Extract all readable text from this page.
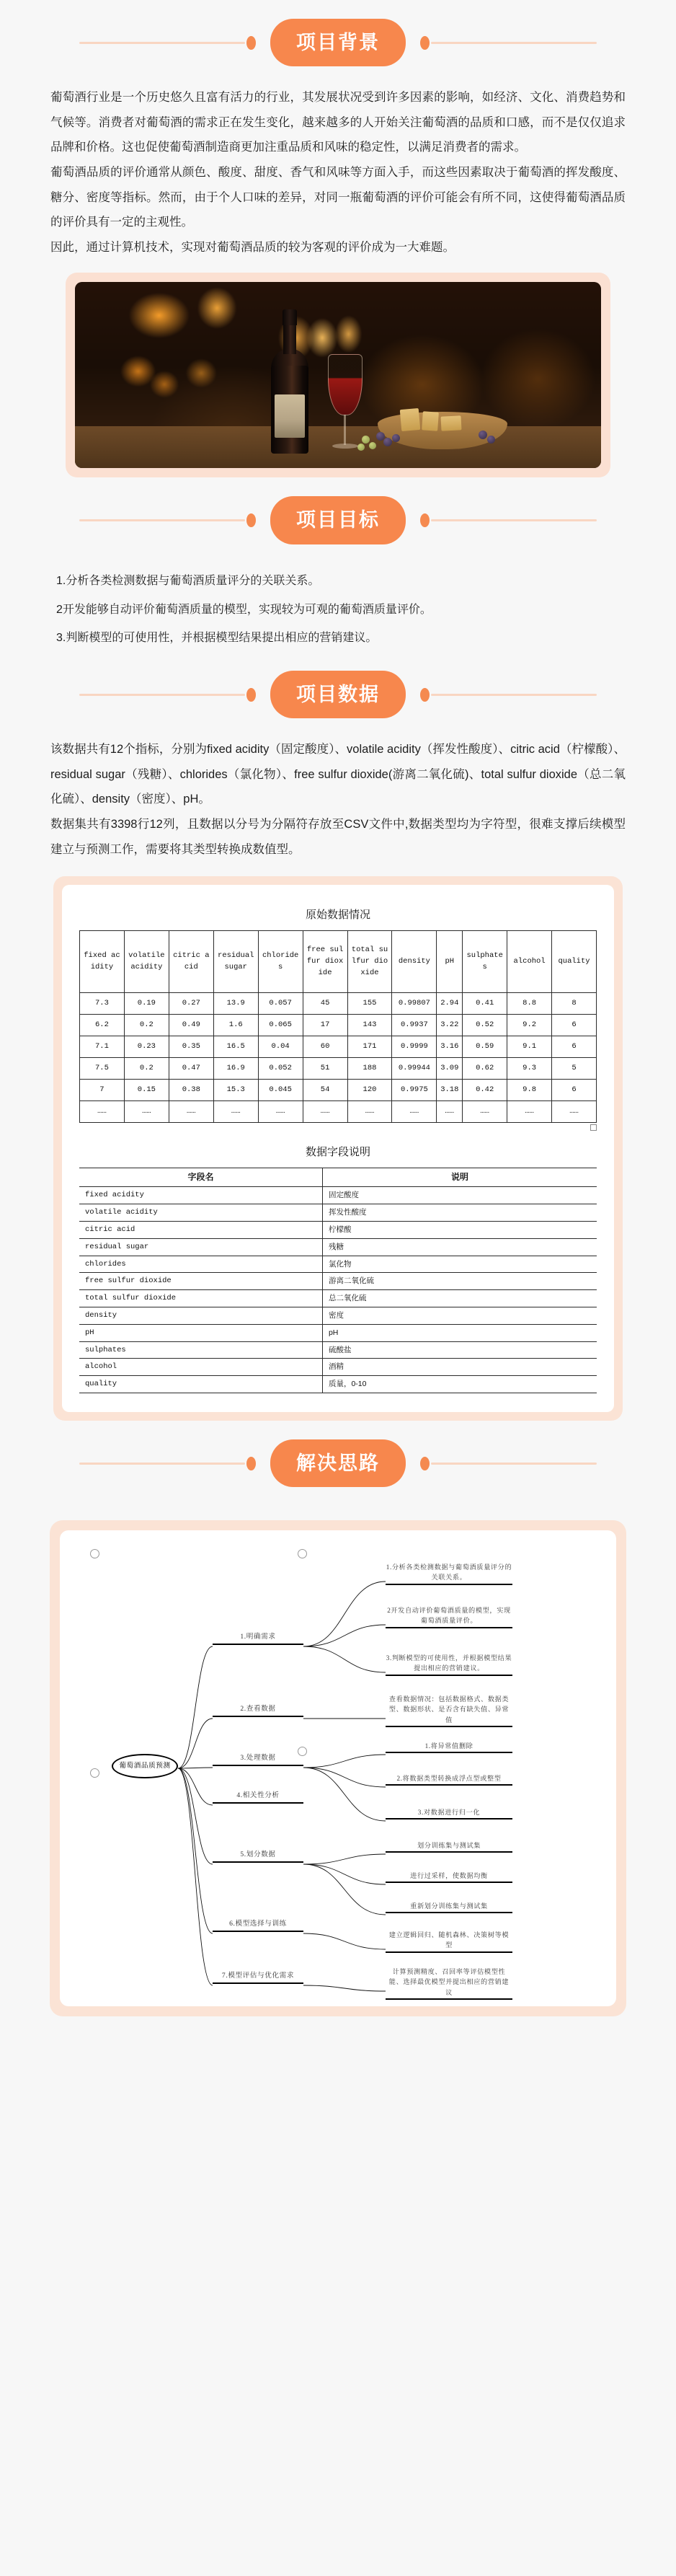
项目背景

葡萄酒行业是一个历史悠久且富有活力的行业，其发展状况受到许多因素的影响，如经济、文化、消费趋势和气候等。消费者对葡萄酒的需求正在发生变化，越来越多的人开始关注葡萄酒的品质和口感，而不是仅仅追求品牌和价格。这也促使葡萄酒制造商更加注重品质和风味的稳定性，以满足消费者的需求。

葡萄酒品质的评价通常从颜色、酸度、甜度、香气和风味等方面入手，而这些因素取决于葡萄酒的挥发酸度、糖分、密度等指标。然而，由于个人口味的差异，对同一瓶葡萄酒的评价可能会有所不同，这使得葡萄酒品质的评价具有一定的主观性。

因此，通过计算机技术，实现对葡萄酒品质的较为客观的评价成为一大难题。

项目目标

1.分析各类检测数据与葡萄酒质量评分的关联关系。

2开发能够自动评价葡萄酒质量的模型，实现较为可观的葡萄酒质量评价。

3.判断模型的可使用性，并根据模型结果提出相应的营销建议。

项目数据

该数据共有12个指标，分别为fixed acidity（固定酸度）、volatile acidity（挥发性酸度）、citric acid（柠檬酸）、residual sugar（残糖）、chlorides（氯化物）、free sulfur dioxide(游离二氧化硫)、total sulfur dioxide（总二氧化硫）、density（密度）、pH。

数据集共有3398行12列，且数据以分号为分隔符存放至CSV文件中,数据类型均为字符型，很难支撑后续模型建立与预测工作，需要将其类型转换成数值型。

原始数据情况
fixed acidity	volatile acidity	citric acid	residual sugar	chlorides	free sulfur dioxide	total sulfur dioxide	density	pH	sulphates	alcohol	quality
7.3	0.19	0.27	13.9	0.057	45	155	0.99807	2.94	0.41	8.8	8
6.2	0.2	0.49	1.6	0.065	17	143	0.9937	3.22	0.52	9.2	6
7.1	0.23	0.35	16.5	0.04	60	171	0.9999	3.16	0.59	9.1	6
7.5	0.2	0.47	16.9	0.052	51	188	0.99944	3.09	0.62	9.3	5
7	0.15	0.38	15.3	0.045	54	120	0.9975	3.18	0.42	9.8	6
……	……	……	……	……	……	……	……	……	……	……	……
数据字段说明
字段名	说明
fixed acidity	固定酸度
volatile acidity	挥发性酸度
citric acid	柠檬酸
residual sugar	残糖
chlorides	氯化物
free sulfur dioxide	游离二氧化硫
total sulfur dioxide	总二氧化硫
density	密度
pH	pH
sulphates	硫酸盐
alcohol	酒精
quality	质量，0-10
解决思路
葡萄酒品质预测
1.明确需求
1.分析各类检测数据与葡萄酒质量评分的关联关系。
2开发自动评价葡萄酒质量的模型，实现葡萄酒质量评价。
3.判断模型的可使用性，并根据模型结果提出相应的营销建议。
2.查看数据
查看数据情况：包括数据格式、数据类型、数据形状、是否含有缺失值、异常值
3.处理数据
1.将异常值删除
2.将数据类型转换成浮点型或整型
3.对数据进行归一化
4.相关性分析
5.划分数据
划分训练集与测试集
进行过采样，使数据均衡
重新划分训练集与测试集
6.模型选择与训练
建立逻辑回归、随机森林、决策树等模型
7.模型评估与优化需求	计算预测精度、召回率等评估模型性能、选择最优模型并提出相应的营销建议
